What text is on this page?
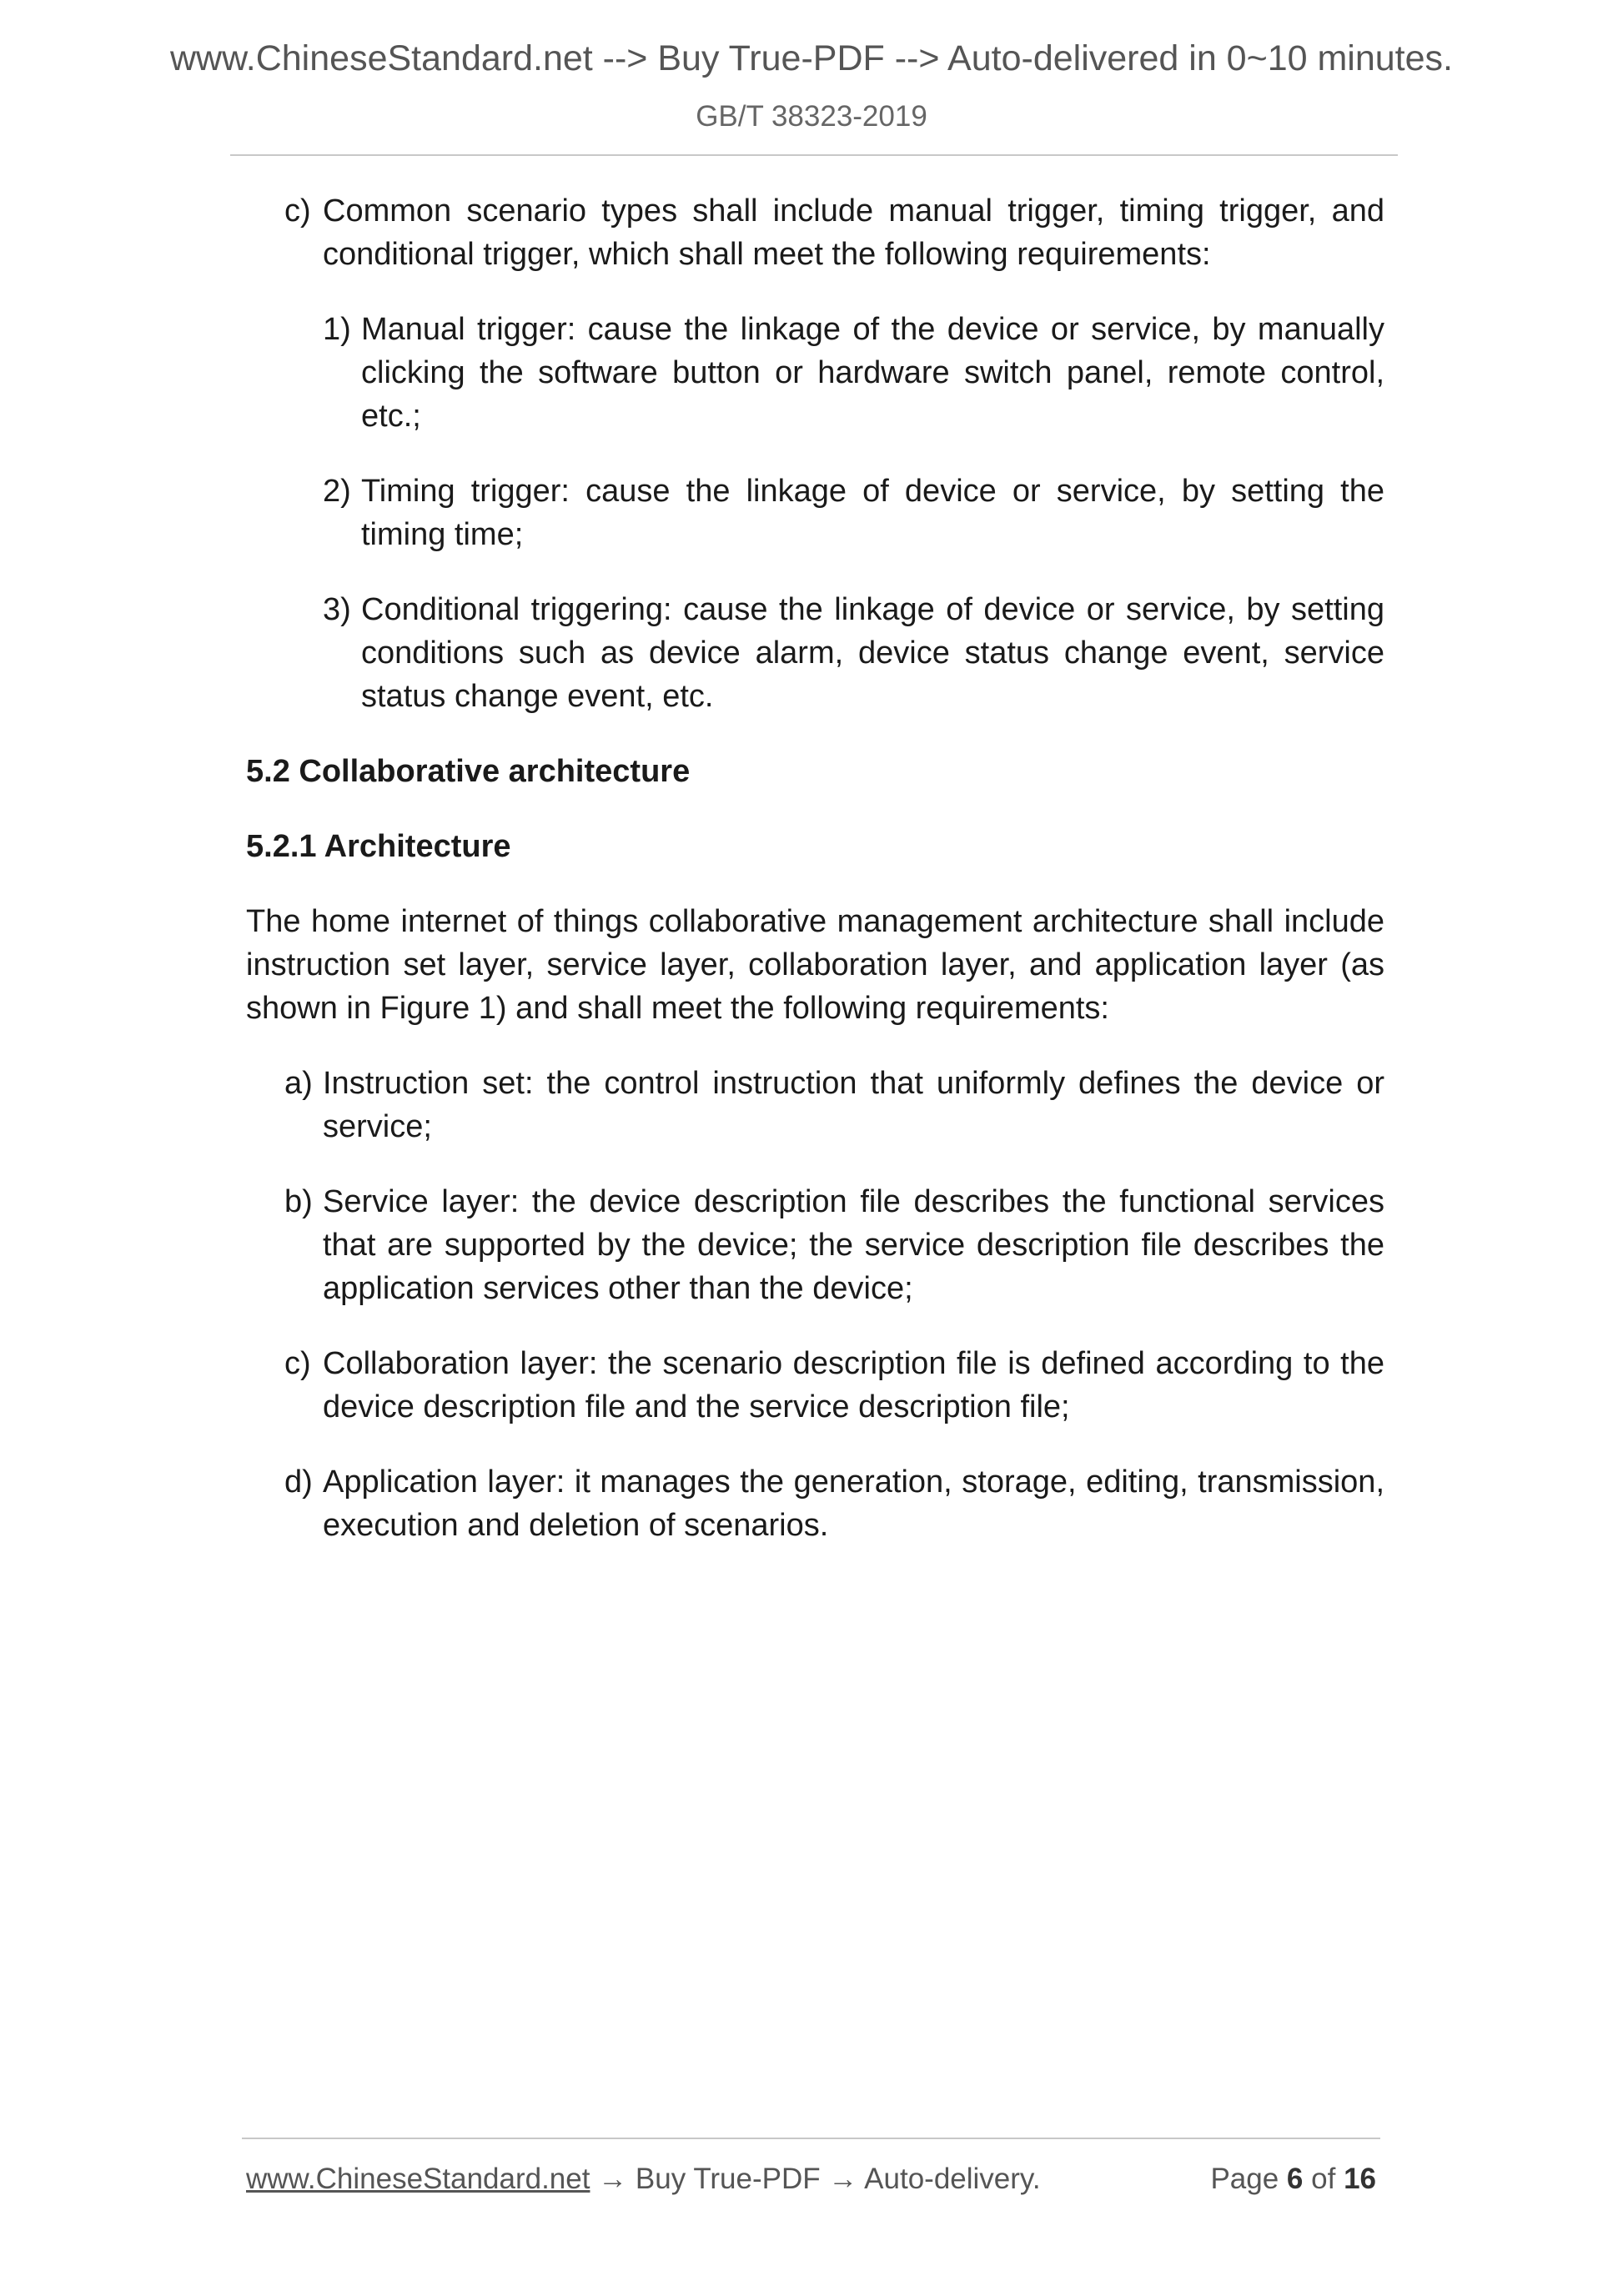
www.ChineseStandard.net --> Buy True-PDF --> Auto-delivered in 0~10 minutes.
GB/T 38323-2019
c) Common scenario types shall include manual trigger, timing trigger, and conditional trigger, which shall meet the following requirements:
1) Manual trigger: cause the linkage of the device or service, by manually clicking the software button or hardware switch panel, remote control, etc.;
2) Timing trigger: cause the linkage of device or service, by setting the timing time;
3) Conditional triggering: cause the linkage of device or service, by setting conditions such as device alarm, device status change event, service status change event, etc.
5.2 Collaborative architecture
5.2.1 Architecture
The home internet of things collaborative management architecture shall include instruction set layer, service layer, collaboration layer, and application layer (as shown in Figure 1) and shall meet the following requirements:
a) Instruction set: the control instruction that uniformly defines the device or service;
b) Service layer: the device description file describes the functional services that are supported by the device; the service description file describes the application services other than the device;
c) Collaboration layer: the scenario description file is defined according to the device description file and the service description file;
d) Application layer: it manages the generation, storage, editing, transmission, execution and deletion of scenarios.
www.ChineseStandard.net → Buy True-PDF → Auto-delivery.	Page 6 of 16
